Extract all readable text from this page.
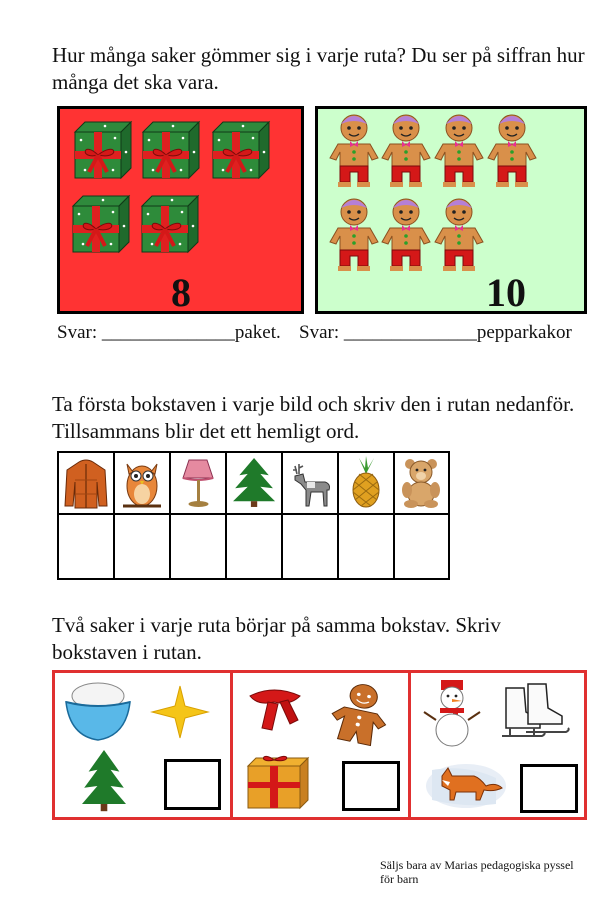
Hur många saker gömmer sig i varje ruta? Du ser på siffran hur många det ska vara.
8	10
Svar: ______________paket. Svar: ______________pepparkakor
Ta första bokstaven i varje bild och skriv den i rutan nedanför. Tillsammans blir det ett hemligt ord.
Två saker i varje ruta börjar på samma bokstav. Skriv bokstaven i rutan.
Säljs bara av Marias pedagogiska pyssel för barn
